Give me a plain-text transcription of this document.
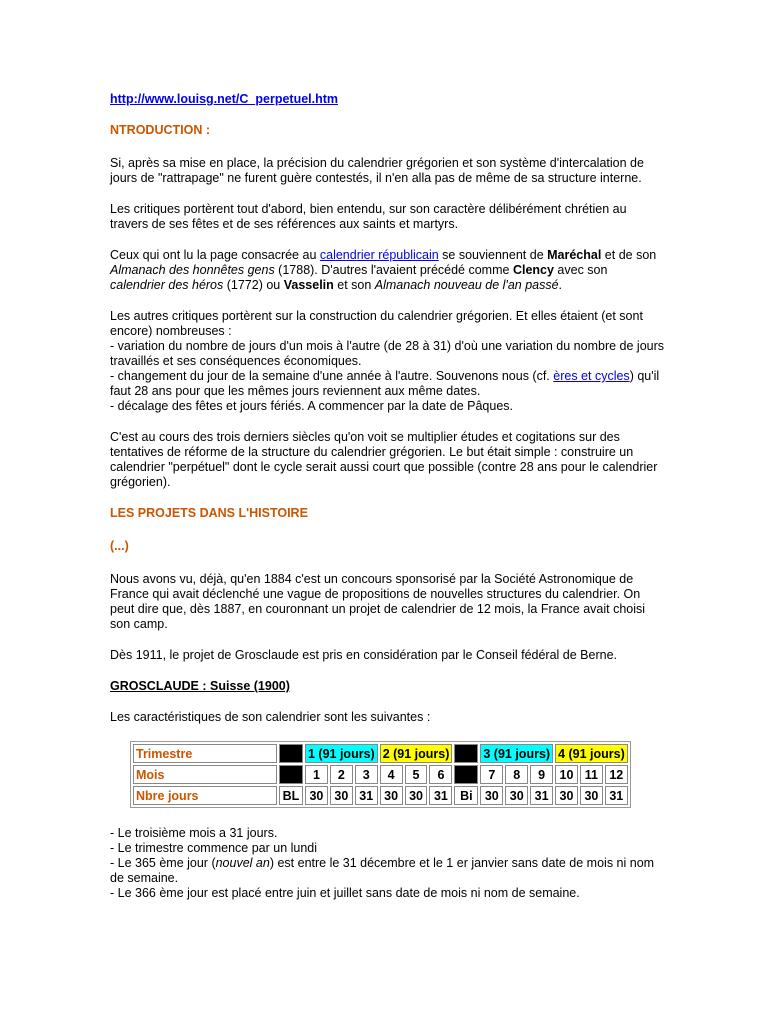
http://www.louisg.net/C_perpetuel.htm

NTRODUCTION :

Si, après sa mise en place, la précision du calendrier grégorien et son système d'intercalation de jours de "rattrapage" ne furent guère contestés, il n'en alla pas de même de sa structure interne.

Les critiques portèrent tout d'abord, bien entendu, sur son caractère délibérément chrétien au travers de ses fêtes et de ses références aux saints et martyrs.

Ceux qui ont lu la page consacrée au calendrier républicain se souviennent de Maréchal et de son Almanach des honnêtes gens (1788). D'autres l'avaient précédé comme Clency avec son calendrier des héros (1772) ou Vasselin et son Almanach nouveau de l'an passé.

Les autres critiques portèrent sur la construction du calendrier grégorien. Et elles étaient (et sont encore) nombreuses :
- variation du nombre de jours d'un mois à l'autre (de 28 à 31) d'où une variation du nombre de jours travaillés et ses conséquences économiques.
- changement du jour de la semaine d'une année à l'autre. Souvenons nous (cf. ères et cycles) qu'il faut 28 ans pour que les mêmes jours reviennent aux même dates.
- décalage des fêtes et jours fériés. A commencer par la date de Pâques.

C'est au cours des trois derniers siècles qu'on voit se multiplier études et cogitations sur des tentatives de réforme de la structure du calendrier grégorien. Le but était simple : construire un calendrier "perpétuel" dont le cycle serait aussi court que possible (contre 28 ans pour le calendrier grégorien).

LES PROJETS DANS L'HISTOIRE

(...)

Nous avons vu, déjà, qu'en 1884 c'est un concours sponsorisé par la Société Astronomique de France qui avait déclenché une vague de propositions de nouvelles structures du calendrier. On peut dire que, dès 1887, en couronnant un projet de calendrier de 12 mois, la France avait choisi son camp.

Dès 1911, le projet de Grosclaude est pris en considération par le Conseil fédéral de Berne.

GROSCLAUDE : Suisse (1900)

Les caractéristiques de son calendrier sont les suivantes :

Trimestre		1 (91 jours)			2 (91 jours)				3 (91 jours)			4 (91 jours)		
Mois		1	2	3	4	5	6		7	8	9	10	11	12
Nbre jours	BL	30	30	31	30	30	31	Bi	30	30	31	30	30	31

- Le troisième mois a 31 jours.

- Le trimestre commence par un lundi

- Le 365 ème jour (nouvel an) est entre le 31 décembre et le 1 er janvier sans date de mois ni nom de semaine.

- Le 366 ème jour est placé entre juin et juillet sans date de mois ni nom de semaine.
